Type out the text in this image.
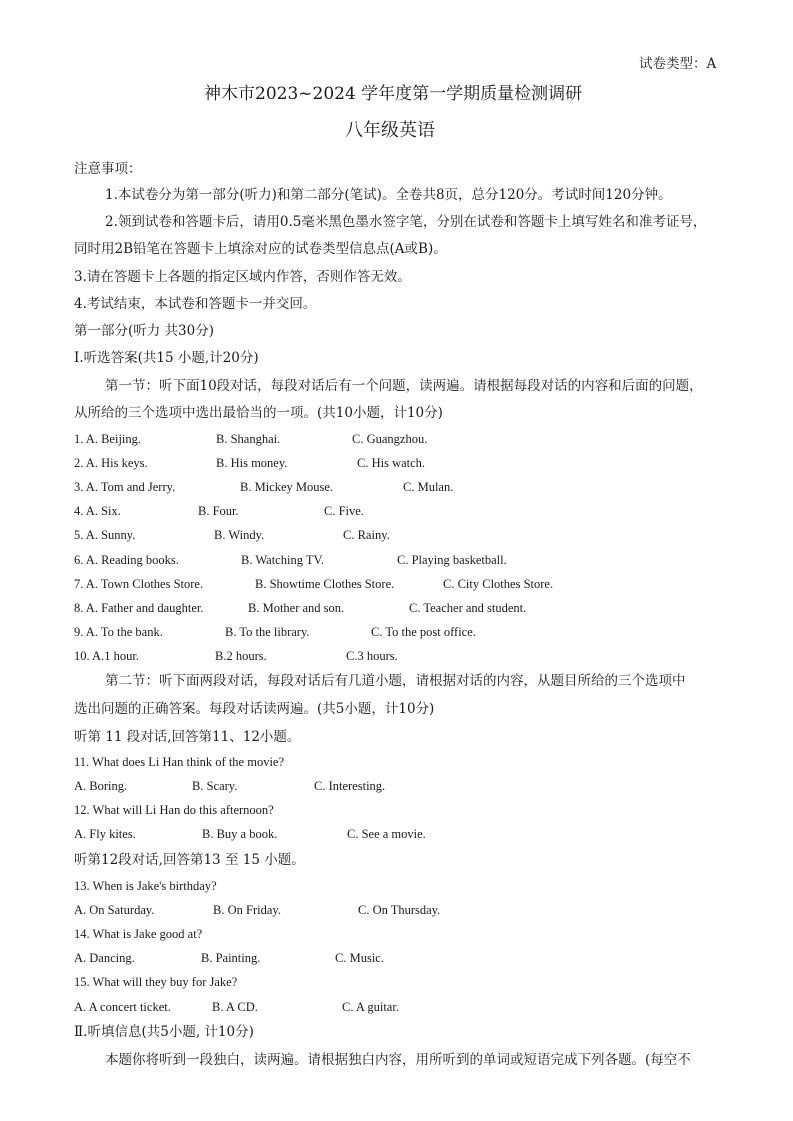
试卷类型：A
神木市2023~2024 学年度第一学期质量检测调研
八年级英语
注意事项：
1.本试卷分为第一部分(听力)和第二部分(笔试)。全卷共8页，总分120分。考试时间120分钟。
2.领到试卷和答题卡后，请用0.5毫米黑色墨水签字笔，分别在试卷和答题卡上填写姓名和准考证号，
同时用2B铅笔在答题卡上填涂对应的试卷类型信息点(A或B)。
3.请在答题卡上各题的指定区域内作答，否则作答无效。
4.考试结束，本试卷和答题卡一并交回。
第一部分(听力 共30分)
Ⅰ.听选答案(共15 小题,计20分)
第一节：听下面10段对话，每段对话后有一个问题，读两遍。请根据每段对话的内容和后面的问题，
从所给的三个选项中选出最恰当的一项。(共10小题，计10分)
1. A. Beijing.	B. Shanghai.	C. Guangzhou.
2. A. His keys.	B. His money.	C. His watch.
3. A. Tom and Jerry.	B. Mickey Mouse.	C. Mulan.
4. A. Six.	B. Four.	C. Five.
5. A. Sunny.	B. Windy.	C. Rainy.
6. A. Reading books.	B. Watching TV.	C. Playing basketball.
7. A. Town Clothes Store.	B. Showtime Clothes Store.	C. City Clothes Store.
8. A. Father and daughter.	B. Mother and son.	C. Teacher and student.
9. A. To the bank.	B. To the library.	C. To the post office.
10. A.1 hour.	B.2 hours.	C.3 hours.
第二节：听下面两段对话，每段对话后有几道小题，请根据对话的内容，从题目所给的三个选项中
选出问题的正确答案。每段对话读两遍。(共5小题，计10分)
听第 11 段对话,回答第11、12小题。
11. What does Li Han think of the movie?
A. Boring.	B. Scary.	C. Interesting.
12. What will Li Han do this afternoon?
A. Fly kites.	B. Buy a book.	C. See a movie.
听第12段对话,回答第13 至 15 小题。
13. When is Jake's birthday?
A. On Saturday.	B. On Friday.	C. On Thursday.
14. What is Jake good at?
A. Dancing.	B. Painting.	C. Music.
15. What will they buy for Jake?
A. A concert ticket.	B. A CD.	C. A guitar.
Ⅱ.听填信息(共5小题, 计10分)
本题你将听到一段独白，读两遍。请根据独白内容，用所听到的单词或短语完成下列各题。(每空不
